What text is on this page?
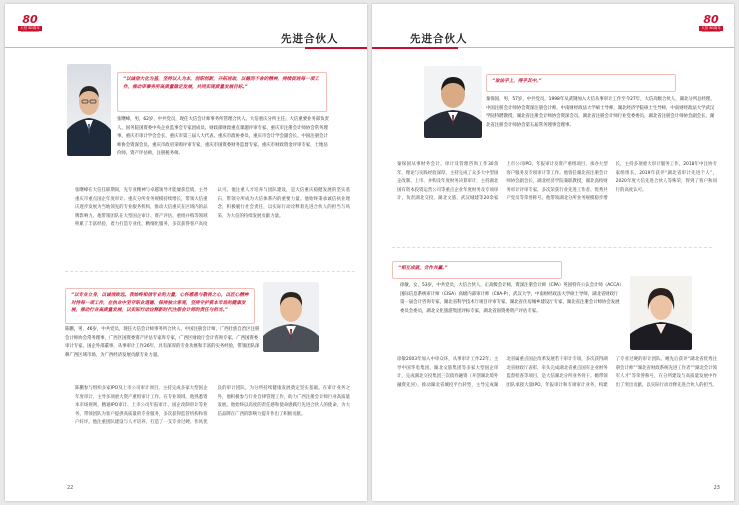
80
大信 80周年
先进合伙人
“以诚信大化为基，坚持以人为本，创职创新，开拓进取，以德而不舍的精神，持续促进每一项工作，推动审事务所高质量稳定发展，共同实现质量发展目标。”
张曙峰，男，62岁，中共党员，现任大信会计师事务所管理合伙人、大信重庆分所主任。大信重要业务部负责人、国务院国资委中央企业监事会专家团成员、财政部财政重点课题评审专家、重庆市注册会计师协会常务理事、重庆市审计学会会长、重庆市第三届人大代表、重庆市政协委员，重庆市会计学会副会长、中国注册会计师协会资深会员、重庆市政府采购评审专家，重庆市国资委财务监督专家，重庆市财政资金评审专家，土地估价师，资产评估师，注册税务师。
张曙峰在大信任职期间，先专业精神与卓越领导才能屡获佳绩，主导重庆市重点国企年度审计、重庆分所业务规模持续增长，带领大信重庆逐步发展为当地领先的专业服务机构，推动大信重庆在区域内的品牌影响力。他带领团队在大型国企审计、资产评估、重组并购等领域积累了丰富经验，着力打造专业化、精细化服务，多次获得客户高度认可。他注重人才培养与团队建设，是大信重庆稳健发展的坚实基石，带领分所成为大信体系内的重要力量。他始终秉承诚信执业理念，积极履行社会责任，以实际行动诠释着先进合伙人的担当与风采，为大信的持续发展贡献力量。
“以专业立身，以诚信致远。我始终相信专业的力量，心怀感恩与敬畏之心，以匠心精神对待每一项工作，在执业中坚守职业道德、保持独立客观，坚持守护资本市场的健康发展，推动行业高质量发展，以实际行动诠释新时代注册会计师的责任与担当。”
陈鹏，男，46岁，中共党员，现任大信会计师事务所合伙人、中国注册会计师，广西壮族自治区注册会计师协会常务理事，广西区国资委资产评估专家库专家，广西区财政厅会计咨询专家，广西国资委审计专家，国企外部董事，从事审计工作26年，具有深厚的专业功底和丰富的实务经验，带领团队深耕广西区域市场，为广西经济发展贡献专业力量。
陈鹏参与组织多家IPO及上市公司审计项目，主持完成多家大型国企年度审计，主导多项重大资产重组审计工作。在专业领域，他熟悉资本市场规则，精通IPO审计、上市公司年报审计、国企改制审计等业务，带领团队为客户提供高质量的专业服务，多次获得监管机构和客户好评。他注重团队建设与人才培养，打造了一支专业过硬、作风优良的审计团队，为分所持续健康发展奠定坚实基础。在审计业务之外，他积极参与行业自律管理工作，助力广西注册会计师行业高质量发展。他始终以高度的责任感和使命感践行先进合伙人的使命，为大信品牌在广西的影响力提升作出了积极贡献。
22
先进合伙人
80
大信 80周年
“取法乎上，得乎其中。”
秦保国，男，57岁，中共党员，1998年从武钢加入大信从事审计工作至今27年，大信高级合伙人，湖北分所总经理，中国注册会计师协会资深注册会计师，中南财经政法大学硕士导师，湖北经济学院硕士生导师，中南财经政法大学武汉学院特聘教授，湖北省注册会计师协会资深会员，湖北省注册会计师行业党委委员，湖北省注册会计师协会副会长，湖北省注册会计师协会第五届常务理事会理事。
秦保国从事财务会计、审计及管理咨询工作30余年，理论与实践经验深厚，主持完成了众多大中型国企改制、上市、并购及年度财务决算审计，主持湖北国有资本投资运营公司等重点企业年度财务及专项审计，负责湖北交投、湖北文旅、武汉城建等20余家上市公司IPO、年报审计及资产重组项目，承办大型客户服务及专项审计等工作。他曾任湖北省注册会计师协会副会长，湖北经济学院兼职教授，湖北高校财务审计评审专家，多次荣获行业先进工作者、优秀共产党员等荣誉称号。他带领湖北分所业务规模稳步增长，主持多项重大审计服务工作，2018年中注协专家组组长，2019年获评“湖北省审计先进个人”，2020年度大信先进合伙人等殊荣，得到了客户和同行的高度认可。
“相互成就，合作共赢。”
徐敏，女，53岁，中共党员，大信合伙人，正高级会计师，资深注册会计师（CPA）英国特许公认会计师（ACCA）国际信息系统审计师（CISA）高级内部审计师（CIIA-P），武汉大学、中南财经政法大学硕士导师，湖北省财政厅第一届会计咨询专家，湖北省科学技术厅项目评审专家，湖北省住房城乡建设厅专家，湖北省注册会计师协会发展委员会委员，湖北文化旅游集团评标专家，湖北省国资委资产评估专家。
徐敏2003年加入中审众环，从事审计工作22年；主导中国华电集团、湖北文旅集团等多家大型国企审计，完成湖北交投集团三次债券融资（开创湖北境外融资先河），推动湖北省城投平台转型，主导完成湖北省属重点国企改革发展若干审计专项，多次获得湖北省财政厅表彰，牵头完成湖北省重点国有企业财务监督检查等项目，是大信湖北分所业务骨干。她带领团队承接大量IPO、年报审计和专项审计业务，构建了专业过硬的审计团队。她先后获评“湖北省优秀注册会计师”“湖北省财政系统先进工作者”“湖北会计领军人才”等荣誉称号，在分所建设与高质量发展中作出了突出贡献，以实际行动诠释先进合伙人的担当。
23
